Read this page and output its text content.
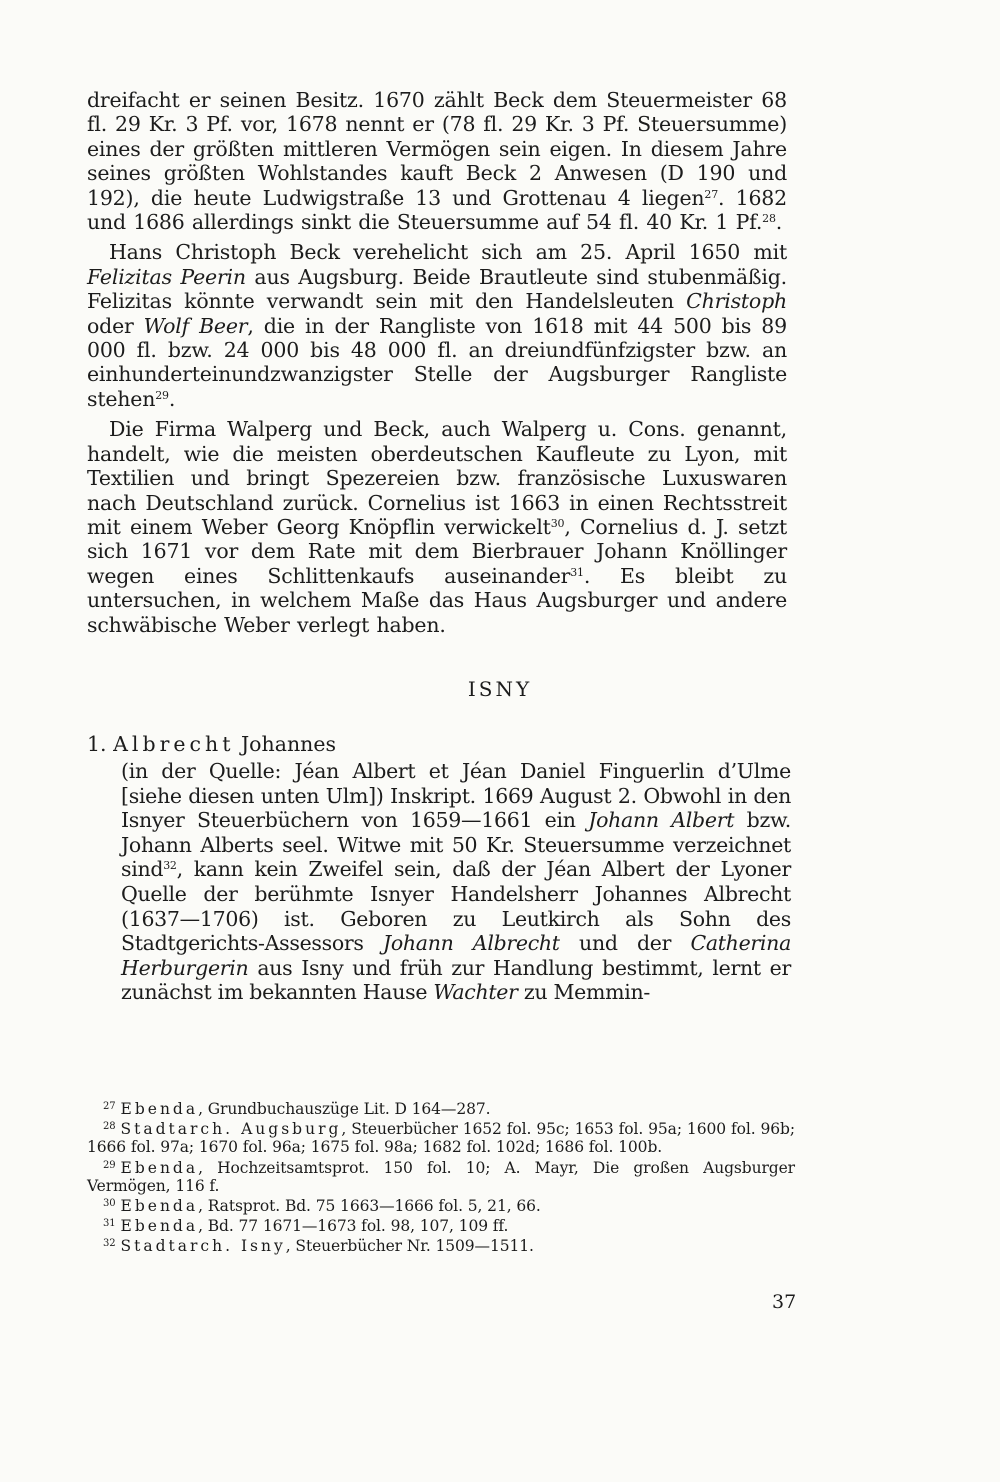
dreifacht er seinen Besitz. 1670 zählt Beck dem Steuermeister 68 fl. 29 Kr. 3 Pf. vor, 1678 nennt er (78 fl. 29 Kr. 3 Pf. Steuersumme) eines der größten mittleren Vermögen sein eigen. In diesem Jahre seines größten Wohlstandes kauft Beck 2 Anwesen (D 190 und 192), die heute Ludwigstraße 13 und Grottenau 4 liegen$^{27}$. 1682 und 1686 allerdings sinkt die Steuersumme auf 54 fl. 40 Kr. 1 Pf.$^{28}$.

Hans Christoph Beck verehelicht sich am 25. April 1650 mit Felizitas Peerin aus Augsburg. Beide Brautleute sind stubenmäßig. Felizitas könnte verwandt sein mit den Handelsleuten Christoph oder Wolf Beer, die in der Rangliste von 1618 mit 44 500 bis 89 000 fl. bzw. 24 000 bis 48 000 fl. an dreiundfünfzigster bzw. an einhunderteinundzwanzigster Stelle der Augsburger Rangliste stehen$^{29}$.

Die Firma Walperg und Beck, auch Walperg u. Cons. genannt, handelt, wie die meisten oberdeutschen Kaufleute zu Lyon, mit Textilien und bringt Spezereien bzw. französische Luxuswaren nach Deutschland zurück. Cornelius ist 1663 in einen Rechtsstreit mit einem Weber Georg Knöpflin verwickelt$^{30}$, Cornelius d. J. setzt sich 1671 vor dem Rate mit dem Bierbrauer Johann Knöllinger wegen eines Schlittenkaufs auseinander$^{31}$. Es bleibt zu untersuchen, in welchem Maße das Haus Augsburger und andere schwäbische Weber verlegt haben.

ISNY
1. Albrecht Johannes
(in der Quelle: Jéan Albert et Jéan Daniel Finguerlin d’Ulme [siehe diesen unten Ulm]) Inskript. 1669 August 2. Obwohl in den Isnyer Steuerbüchern von 1659—1661 ein Johann Albert bzw. Johann Alberts seel. Witwe mit 50 Kr. Steuersumme verzeichnet sind$^{32}$, kann kein Zweifel sein, daß der Jéan Albert der Lyoner Quelle der berühmte Isnyer Handelsherr Johannes Albrecht (1637—1706) ist. Geboren zu Leutkirch als Sohn des Stadtgerichts-Assessors Johann Albrecht und der Catherina Herburgerin aus Isny und früh zur Handlung bestimmt, lernt er zunächst im bekannten Hause Wachter zu Memmin-

$^{27}$ Ebenda, Grundbuchauszüge Lit. D 164—287.

$^{28}$ Stadtarch. Augsburg, Steuerbücher 1652 fol. 95c; 1653 fol. 95a; 1600 fol. 96b; 1666 fol. 97a; 1670 fol. 96a; 1675 fol. 98a; 1682 fol. 102d; 1686 fol. 100b.

$^{29}$ Ebenda, Hochzeitsamtsprot. 150 fol. 10; A. Mayr, Die großen Augsburger Vermögen, 116 f.

$^{30}$ Ebenda, Ratsprot. Bd. 75 1663—1666 fol. 5, 21, 66.

$^{31}$ Ebenda, Bd. 77 1671—1673 fol. 98, 107, 109 ff.

$^{32}$ Stadtarch. Isny, Steuerbücher Nr. 1509—1511.

37
